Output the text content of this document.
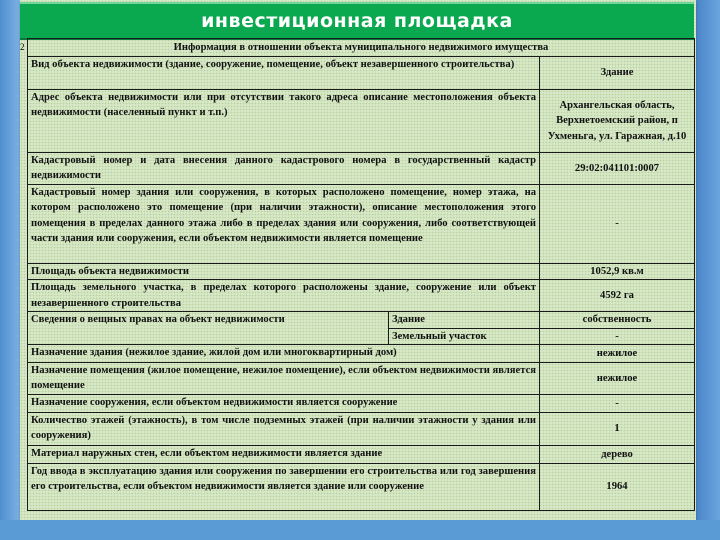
инвестиционная площадка
2	Информация в отношении объекта муниципального недвижимого имущества		
Вид объекта недвижимости (здание, сооружение, помещение, объект незавершенного строительства)		Здание
Адрес объекта недвижимости или при отсутствии такого адреса описание местоположения объекта недвижимости (населенный пункт и т.п.)		Архангельская область, Верхнетоемский район, п Ухменьга, ул. Гаражная, д.10
Кадастровый номер и дата внесения данного кадастрового номера в государственный кадастр недвижимости		29:02:041101:0007
Кадастровый номер здания или сооружения, в которых расположено помещение, номер этажа, на котором расположено это помещение (при наличии этажности), описание местоположения этого помещения в пределах данного этажа либо в пределах здания или сооружения, либо соответствующей части здания или сооружения, если объектом недвижимости является помещение		-
Площадь объекта недвижимости		1052,9 кв.м
Площадь земельного участка, в пределах которого расположены здание, сооружение или объект незавершенного строительства		4592 га
Сведения о вещных правах на объект недвижимости	Здание	собственность
	Земельный участок	-
Назначение здания (нежилое здание, жилой дом или многоквартирный дом)		нежилое
Назначение помещения (жилое помещение, нежилое помещение), если объектом недвижимости является помещение		нежилое
Назначение сооружения, если объектом недвижимости является сооружение		-
Количество этажей (этажность), в том числе подземных этажей (при наличии этажности у здания или сооружения)		1
Материал наружных стен, если объектом недвижимости является здание		дерево
Год ввода в эксплуатацию здания или сооружения по завершении его строительства или год завершения его строительства, если объектом недвижимости является здание или сооружение		1964
